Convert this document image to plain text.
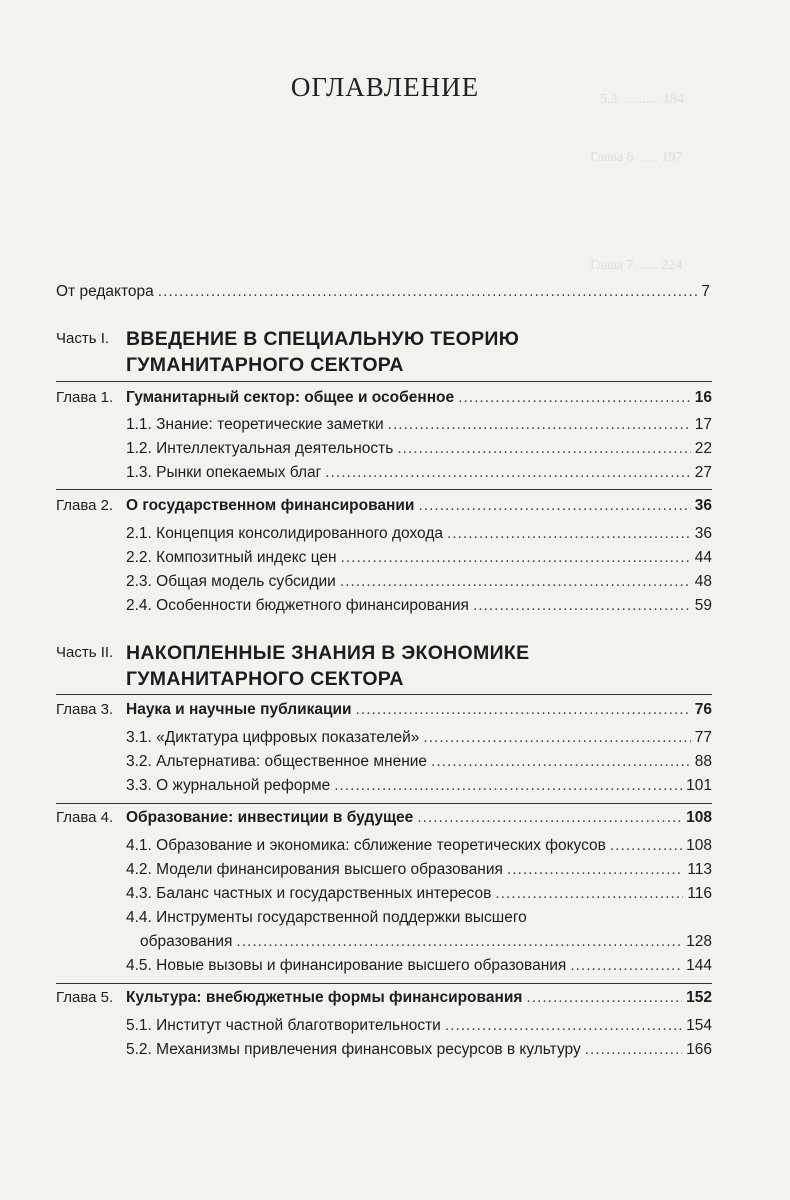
5.3. .......... 184
Глава 6. ..... 197
Глава 7. ..... 224
ОГЛАВЛЕНИЕ
От редактора .....	7
Часть I. ВВЕДЕНИЕ В СПЕЦИАЛЬНУЮ ТЕОРИЮ
ГУМАНИТАРНОГО СЕКТОРА
Глава 1. Гуманитарный сектор: общее и особенное .....	16
1.1. Знание: теоретические заметки .....	17
1.2. Интеллектуальная деятельность .....	22
1.3. Рынки опекаемых благ .....	27
Глава 2. О государственном финансировании .....	36
2.1. Концепция консолидированного дохода .....	36
2.2. Композитный индекс цен .....	44
2.3. Общая модель субсидии .....	48
2.4. Особенности бюджетного финансирования .....	59
Часть II. НАКОПЛЕННЫЕ ЗНАНИЯ В ЭКОНОМИКЕ
ГУМАНИТАРНОГО СЕКТОРА
Глава 3. Наука и научные публикации .....	76
3.1. «Диктатура цифровых показателей» .....	77
3.2. Альтернатива: общественное мнение .....	88
3.3. О журнальной реформе .....	101
Глава 4. Образование: инвестиции в будущее .....	108
4.1. Образование и экономика: сближение теоретических фокусов .....	108
4.2. Модели финансирования высшего образования .....	113
4.3. Баланс частных и государственных интересов .....	116
4.4. Инструменты государственной поддержки высшего
образования .....	128
4.5. Новые вызовы и финансирование высшего образования .....	144
Глава 5. Культура: внебюджетные формы финансирования .....	152
5.1. Институт частной благотворительности .....	154
5.2. Механизмы привлечения финансовых ресурсов в культуру .....	166
